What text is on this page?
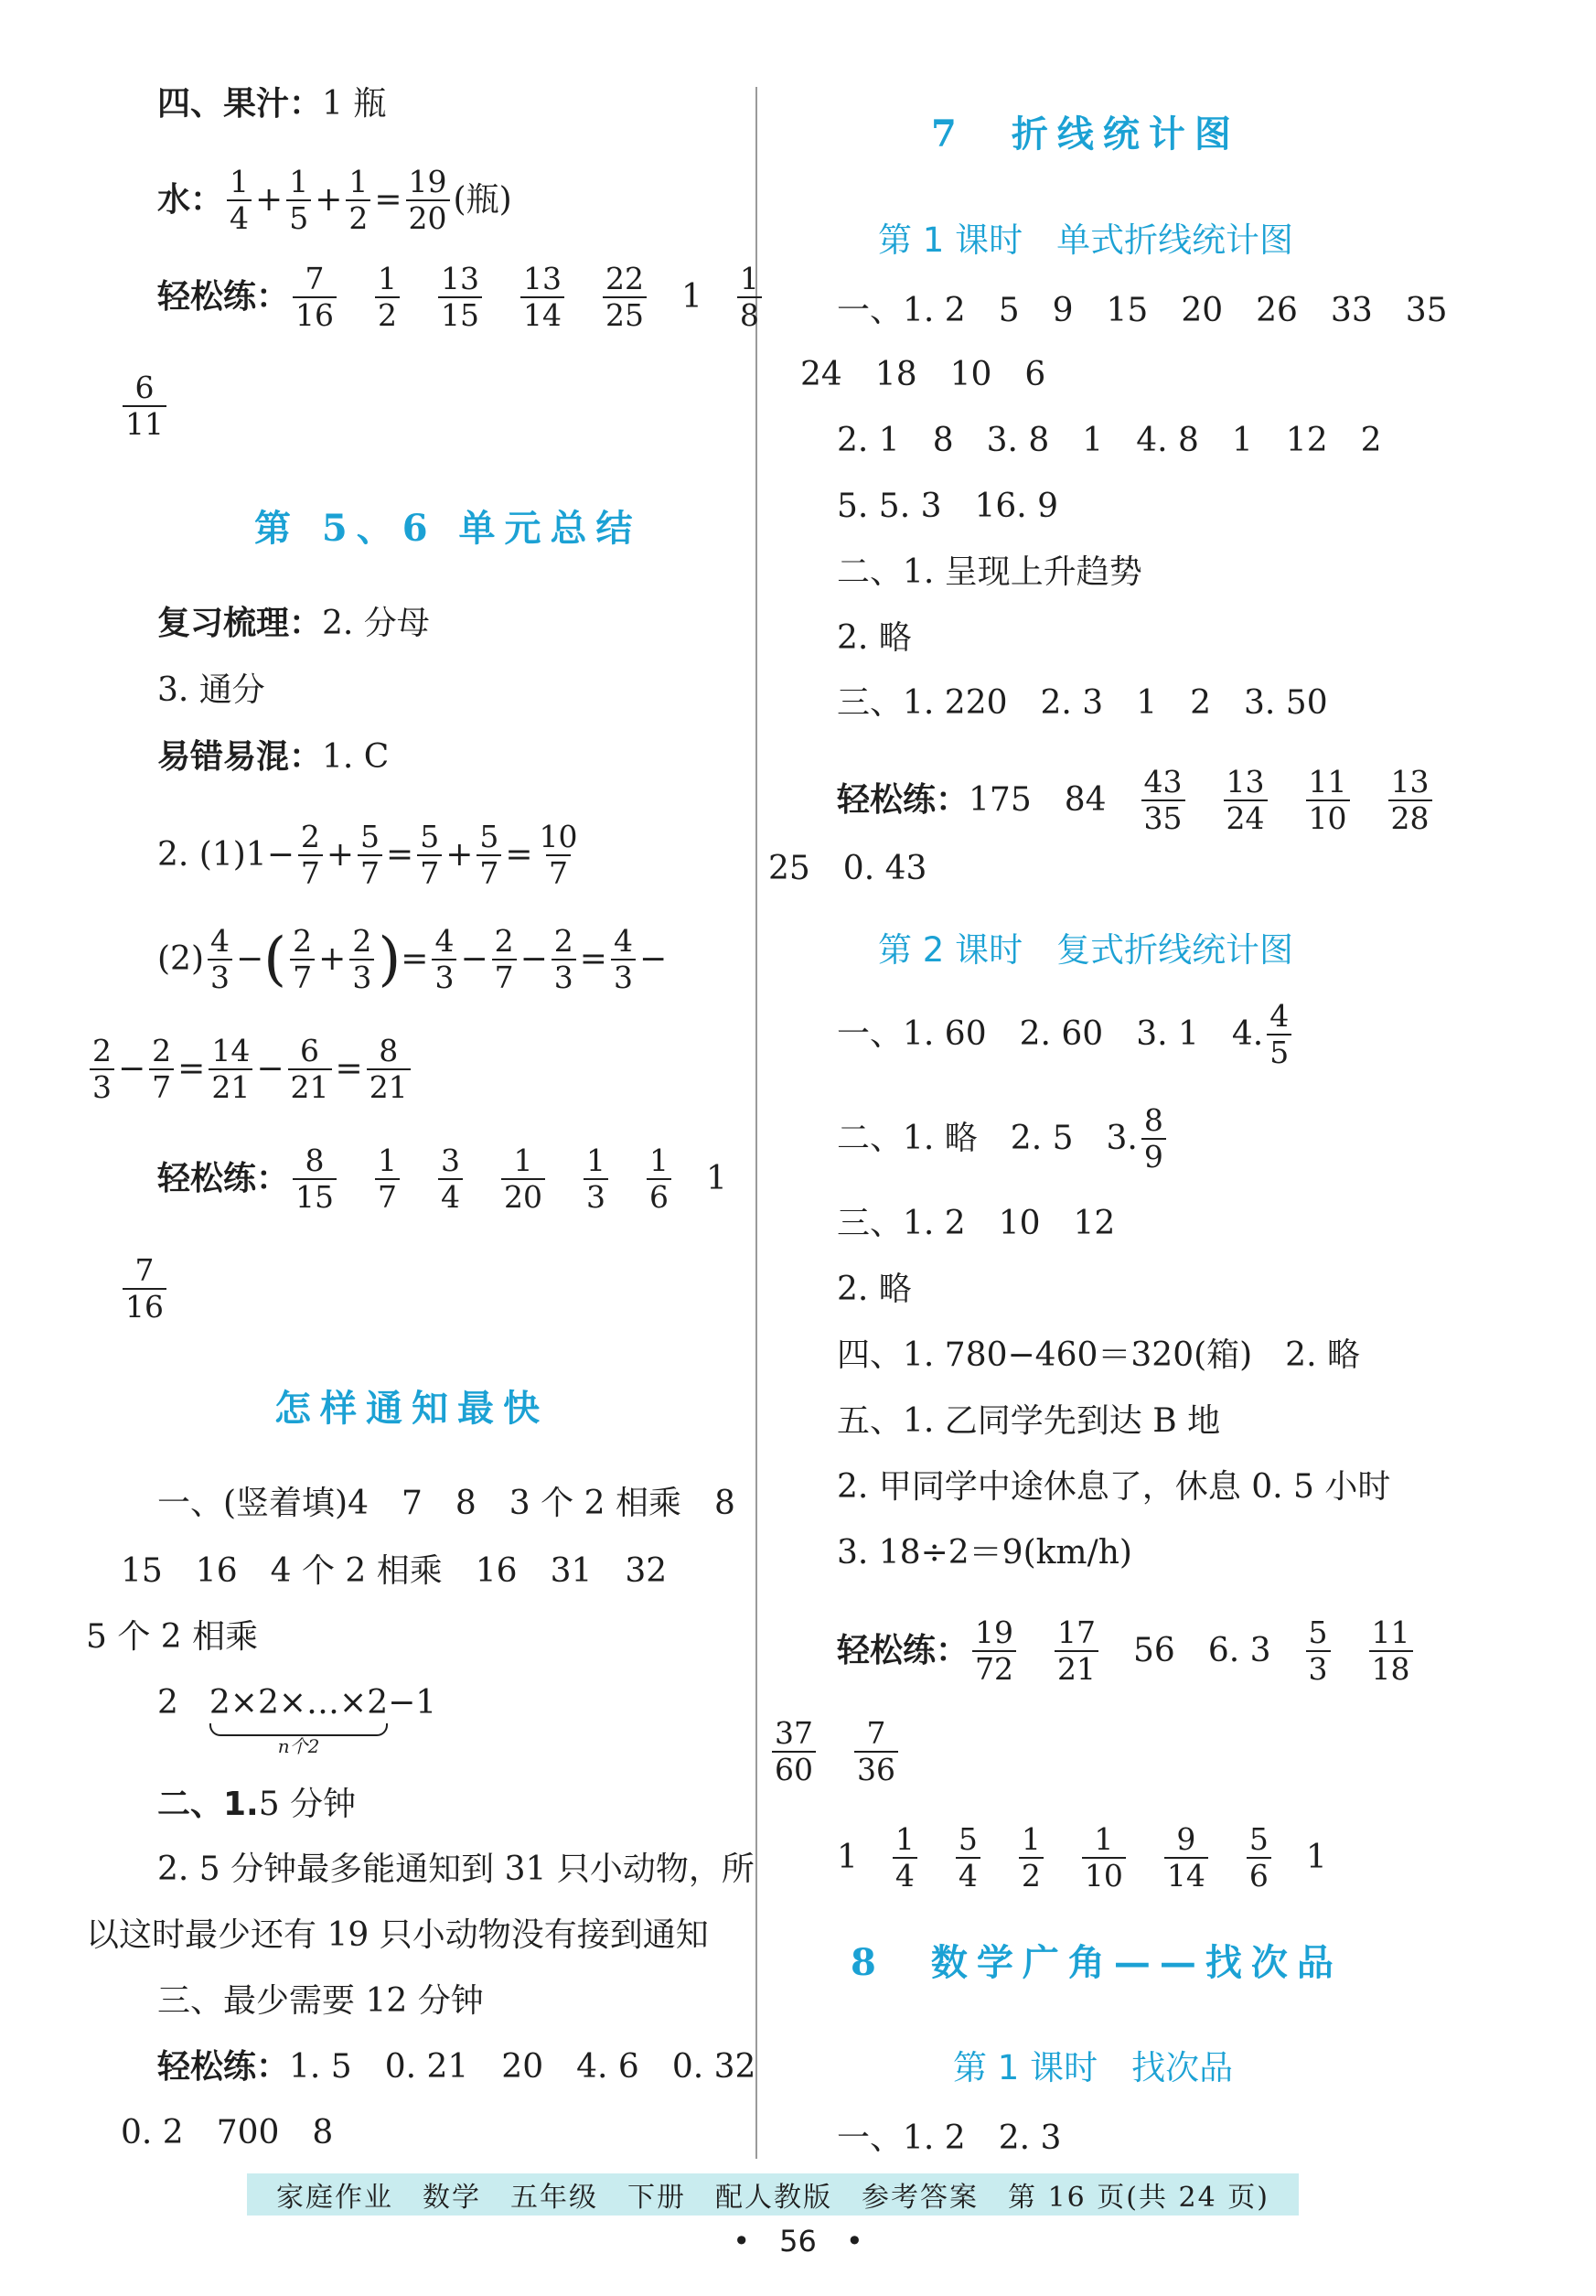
四、果汁： 1 瓶
水： $\frac{1}{4} + \frac{1}{5} + \frac{1}{2} = \frac{19}{20}$ (瓶)
轻松练： $\frac{7}{16} \frac{1}{2} \frac{13}{15} \frac{13}{14} \frac{22}{25} 1 \frac{1}{8}$
$\frac{6}{11}$
第 5、6 单元总结
复习梳理： 2. 分母
3. 通分
易错易混： 1. C
2. $(1)1- \frac{2}{7} + \frac{5}{7} = \frac{5}{7} + \frac{5}{7} = \frac{10}{7}$
$(2) \frac{4}{3}$ − ( $\frac{2}{7} + \frac{2}{3}$ ) = $\frac{4}{3} - \frac{2}{7} - \frac{2}{3} = \frac{4}{3}$ −
$\frac{2}{3} - \frac{2}{7} = \frac{14}{21} - \frac{6}{21} = \frac{8}{21}$
轻松练： $\frac{8}{15} \frac{1}{7} \frac{3}{4} \frac{1}{20} \frac{1}{3} \frac{1}{6} 1$
$\frac{7}{16}$
怎样通知最快
一、(竖着填)4　7　8　3 个 2 相乘　8
15　16　4 个 2 相乘　16　31　32
5 个 2 相乘
2 2×2×…×2
n个2
−1
二、1. 5 分钟
2. 5 分钟最多能通知到 31 只小动物，所
以这时最少还有 19 只小动物没有接到通知
三、最少需要 12 分钟
轻松练： 1. 5　0. 21　20　4. 6　0. 32
0. 2　700　8
7　折线统计图
第 1 课时　单式折线统计图
一、1. 2　5　9　15　20　26　33　35
24　18　10　6
2. 1　8　3. 8　1　4. 8　1　12　2
5. 5. 3　16. 9
二、1. 呈现上升趋势
2. 略
三、1. 220　2. 3　1　2　3. 50
轻松练： 175　$84 \frac{43}{35} \frac{13}{24} \frac{11}{10} \frac{13}{28}$
25　0. 43
第 2 课时　复式折线统计图
一、1. 60　2. 60　3. 1　4. $\frac{4}{5}$
二、1. 略　2. 5　3. $\frac{8}{9}$
三、1. 2　10　12
2. 略
四、1. 780−460＝320(箱)　2. 略
五、1. 乙同学先到达 B 地
2. 甲同学中途休息了，休息 0. 5 小时
3. 18÷2＝9(km/h)
轻松练： $\frac{19}{72} \frac{17}{21} 56$　6. $3 \frac{5}{3} \frac{11}{18}$
$\frac{37}{60} \frac{7}{36}$
$1 \frac{1}{4} \frac{5}{4} \frac{1}{2} \frac{1}{10} \frac{9}{14} \frac{5}{6} 1$
8　数学广角——找次品
第 1 课时　找次品
一、1. 2　2. 3
家庭作业　数学　五年级　下册　配人教版　参考答案　第 16 页(共 24 页)
•　56　•
